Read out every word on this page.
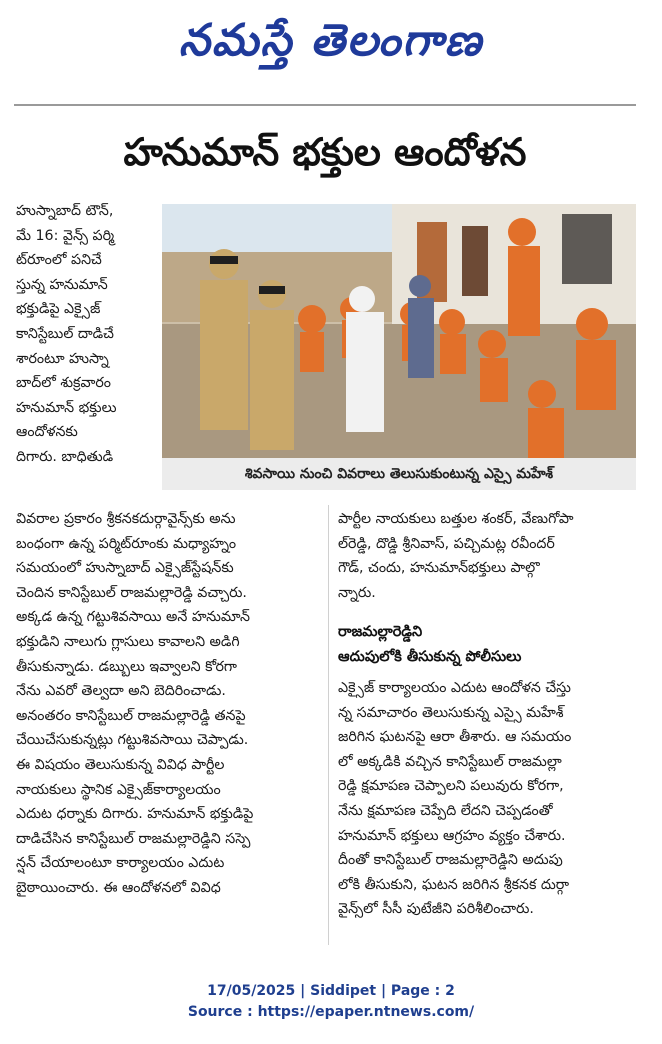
నమస్తే తెలంగాణ
హనుమాన్ భక్తుల ఆందోళన
హుస్నాబాద్ టౌన్,
మే 16: వైన్స్ పర్మి
ట్‌రూంలో పనిచే
స్తున్న హనుమాన్
భక్తుడిపై ఎక్సైజ్
కానిస్టేబుల్ దాడిచే
శారంటూ హుస్నా
బాద్‌లో శుక్రవారం
హనుమాన్ భక్తులు
ఆందోళనకు
దిగారు. బాధితుడి
శివసాయి నుంచి వివరాలు తెలుసుకుంటున్న ఎస్సై మహేశ్
వివరాల ప్రకారం శ్రీకనకదుర్గావైన్స్‌కు అను
బంధంగా ఉన్న పర్మిట్‌రూంకు మధ్యాహ్నం
సమయంలో హుస్నాబాద్ ఎక్సైజ్‌స్టేషన్‌కు
చెందిన కానిస్టేబుల్ రాజమల్లారెడ్డి వచ్చారు.
అక్కడ ఉన్న గట్టుశివసాయి అనే హనుమాన్
భక్తుడిని నాలుగు గ్లాసులు కావాలని అడిగి
తీసుకున్నాడు. డబ్బులు ఇవ్వాలని కోరగా
నేను ఎవరో తెల్వదా అని బెదిరించాడు.
అనంతరం కానిస్టేబుల్ రాజమల్లారెడ్డి తనపై
చేయిచేసుకున్నట్లు గట్టుశివసాయి చెప్పాడు.
ఈ విషయం తెలుసుకున్న వివిధ పార్టీల
నాయకులు స్థానిక ఎక్సైజ్‌కార్యాలయం
ఎదుట ధర్నాకు దిగారు. హనుమాన్ భక్తుడిపై
దాడిచేసిన కానిస్టేబుల్ రాజమల్లారెడ్డిని సస్పె
న్షన్ చేయాలంటూ కార్యాలయం ఎదుట
బైఠాయించారు. ఈ ఆందోళనలో వివిధ
పార్టీల నాయకులు బత్తుల శంకర్, వేణుగోపా
ల్‌రెడ్డి, దొడ్డి శ్రీనివాస్, పచ్చిమట్ల రవీందర్
గౌడ్, చందు, హనుమాన్‌భక్తులు పాల్గొ
న్నారు.
రాజమల్లారెడ్డిని
ఆదుపులోకి తీసుకున్న పోలీసులు
ఎక్సైజ్ కార్యాలయం ఎదుట ఆందోళన చేస్తు
న్న సమాచారం తెలుసుకున్న ఎస్సై మహేశ్
జరిగిన ఘటనపై ఆరా తీశారు. ఆ సమయం
లో అక్కడికి వచ్చిన కానిస్టేబుల్ రాజమల్లా
రెడ్డి క్షమాపణ చెప్పాలని పలువురు కోరగా,
నేను క్షమాపణ చెప్పేది లేదని చెప్పడంతో
హనుమాన్ భక్తులు ఆగ్రహం వ్యక్తం చేశారు.
దీంతో కానిస్టేబుల్ రాజమల్లారెడ్డిని అదుపు
లోకి తీసుకుని, ఘటన జరిగిన శ్రీకనక దుర్గా
వైన్స్‌లో సీసీ పుటేజీని పరిశీలించారు.
17/05/2025 | Siddipet | Page : 2
Source : https://epaper.ntnews.com/
